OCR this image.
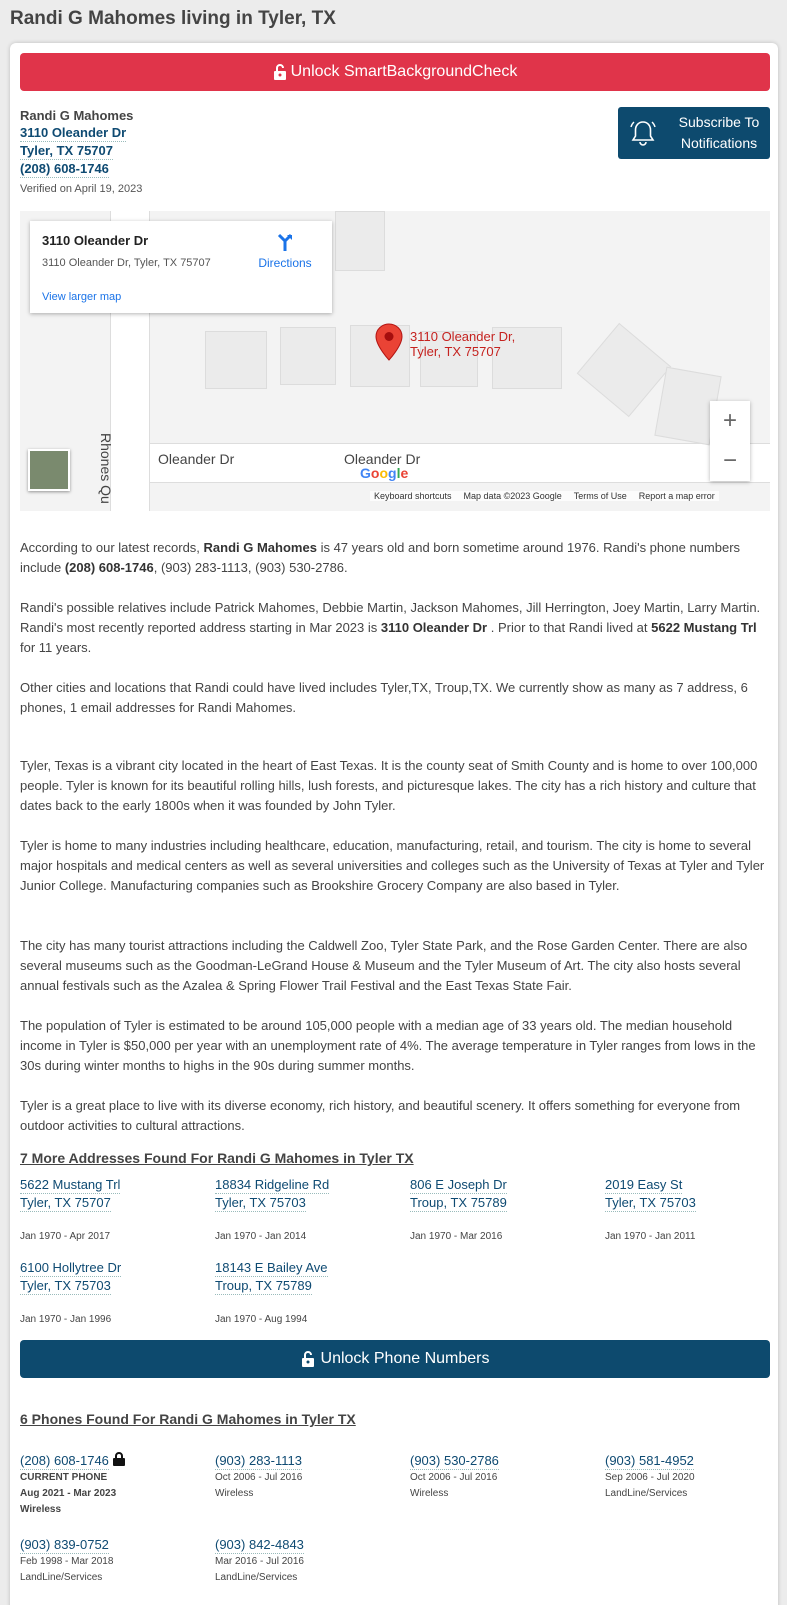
Randi G Mahomes living in Tyler, TX
Unlock SmartBackgroundCheck
Randi G Mahomes
3110 Oleander Dr
Tyler, TX 75707
(208) 608-1746
Verified on April 19, 2023
Subscribe To
Notifications
3110 Oleander Dr
3110 Oleander Dr, Tyler, TX 75707
View larger map
Directions
3110 Oleander Dr,
Tyler, TX 75707
Oleander Dr	Oleander Dr
Rhones Qu
+
−
Google
Keyboard shortcuts Map data ©2023 Google Terms of Use Report a map error

According to our latest records, Randi G Mahomes is 47 years old and born sometime around 1976. Randi's phone numbers include (208) 608-1746, (903) 283-1113, (903) 530-2786.

Randi's possible relatives include Patrick Mahomes, Debbie Martin, Jackson Mahomes, Jill Herrington, Joey Martin, Larry Martin. Randi's most recently reported address starting in Mar 2023 is 3110 Oleander Dr . Prior to that Randi lived at 5622 Mustang Trl for 11 years.

Other cities and locations that Randi could have lived includes Tyler,TX, Troup,TX. We currently show as many as 7 address, 6 phones, 1 email addresses for Randi Mahomes.

Tyler, Texas is a vibrant city located in the heart of East Texas. It is the county seat of Smith County and is home to over 100,000 people. Tyler is known for its beautiful rolling hills, lush forests, and picturesque lakes. The city has a rich history and culture that dates back to the early 1800s when it was founded by John Tyler.

Tyler is home to many industries including healthcare, education, manufacturing, retail, and tourism. The city is home to several major hospitals and medical centers as well as several universities and colleges such as the University of Texas at Tyler and Tyler Junior College. Manufacturing companies such as Brookshire Grocery Company are also based in Tyler.

The city has many tourist attractions including the Caldwell Zoo, Tyler State Park, and the Rose Garden Center. There are also several museums such as the Goodman-LeGrand House & Museum and the Tyler Museum of Art. The city also hosts several annual festivals such as the Azalea & Spring Flower Trail Festival and the East Texas State Fair.

The population of Tyler is estimated to be around 105,000 people with a median age of 33 years old. The median household income in Tyler is $50,000 per year with an unemployment rate of 4%. The average temperature in Tyler ranges from lows in the 30s during winter months to highs in the 90s during summer months.

Tyler is a great place to live with its diverse economy, rich history, and beautiful scenery. It offers something for everyone from outdoor activities to cultural attractions.

7 More Addresses Found For Randi G Mahomes in Tyler TX
5622 Mustang Trl
Tyler, TX 75707
Jan 1970 - Apr 2017
18834 Ridgeline Rd
Tyler, TX 75703
Jan 1970 - Jan 2014
806 E Joseph Dr
Troup, TX 75789
Jan 1970 - Mar 2016
2019 Easy St
Tyler, TX 75703
Jan 1970 - Jan 2011
6100 Hollytree Dr
Tyler, TX 75703
Jan 1970 - Jan 1996
18143 E Bailey Ave
Troup, TX 75789
Jan 1970 - Aug 1994
Unlock Phone Numbers
6 Phones Found For Randi G Mahomes in Tyler TX
(208) 608-1746
CURRENT PHONE
Aug 2021 - Mar 2023
Wireless
(903) 283-1113
Oct 2006 - Jul 2016
Wireless
(903) 530-2786
Oct 2006 - Jul 2016
Wireless
(903) 581-4952
Sep 2006 - Jul 2020
LandLine/Services
(903) 839-0752
Feb 1998 - Mar 2018
LandLine/Services
(903) 842-4843
Mar 2016 - Jul 2016
LandLine/Services
